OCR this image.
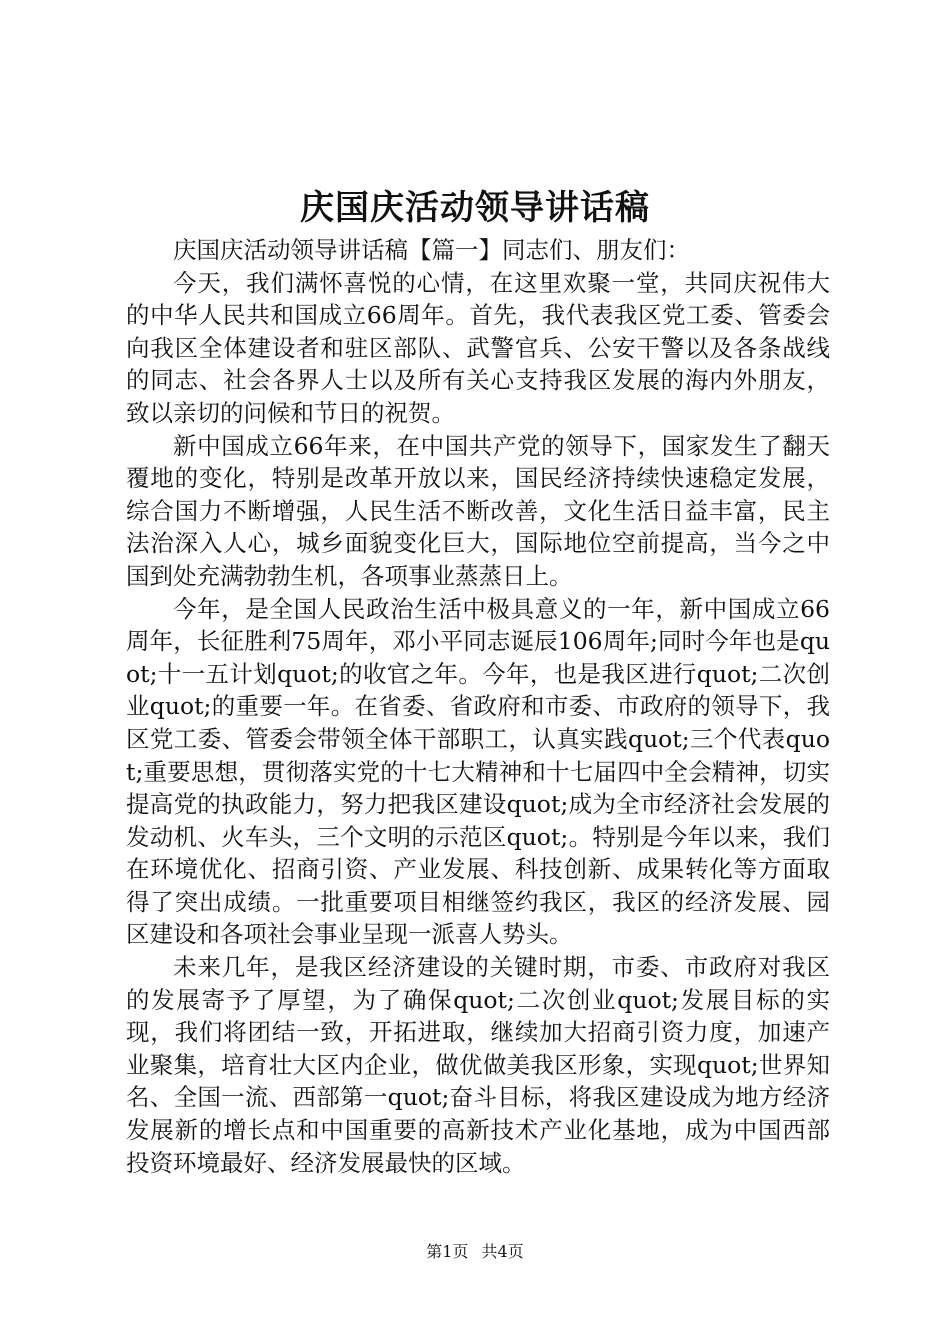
庆国庆活动领导讲话稿

庆国庆活动领导讲话稿【篇一】同志们、朋友们：

今天，我们满怀喜悦的心情，在这里欢聚一堂，共同庆祝伟大的中华人民共和国成立66周年。首先，我代表我区党工委、管委会向我区全体建设者和驻区部队、武警官兵、公安干警以及各条战线的同志、社会各界人士以及所有关心支持我区发展的海内外朋友，致以亲切的问候和节日的祝贺。

新中国成立66年来，在中国共产党的领导下，国家发生了翻天覆地的变化，特别是改革开放以来，国民经济持续快速稳定发展，综合国力不断增强，人民生活不断改善，文化生活日益丰富，民主法治深入人心，城乡面貌变化巨大，国际地位空前提高，当今之中国到处充满勃勃生机，各项事业蒸蒸日上。

今年，是全国人民政治生活中极具意义的一年，新中国成立66周年，长征胜利75周年，邓小平同志诞辰106周年;同时今年也是quot;十一五计划quot;的收官之年。今年，也是我区进行quot;二次创业quot;的重要一年。在省委、省政府和市委、市政府的领导下，我区党工委、管委会带领全体干部职工，认真实践quot;三个代表quot;重要思想，贯彻落实党的十七大精神和十七届四中全会精神，切实提高党的执政能力，努力把我区建设quot;成为全市经济社会发展的发动机、火车头，三个文明的示范区quot;。特别是今年以来，我们在环境优化、招商引资、产业发展、科技创新、成果转化等方面取得了突出成绩。一批重要项目相继签约我区，我区的经济发展、园区建设和各项社会事业呈现一派喜人势头。

未来几年，是我区经济建设的关键时期，市委、市政府对我区的发展寄予了厚望，为了确保quot;二次创业quot;发展目标的实现，我们将团结一致，开拓进取，继续加大招商引资力度，加速产业聚集，培育壮大区内企业，做优做美我区形象，实现quot;世界知名、全国一流、西部第一quot;奋斗目标，将我区建设成为地方经济发展新的增长点和中国重要的高新技术产业化基地，成为中国西部投资环境最好、经济发展最快的区域。

第1页 共4页
